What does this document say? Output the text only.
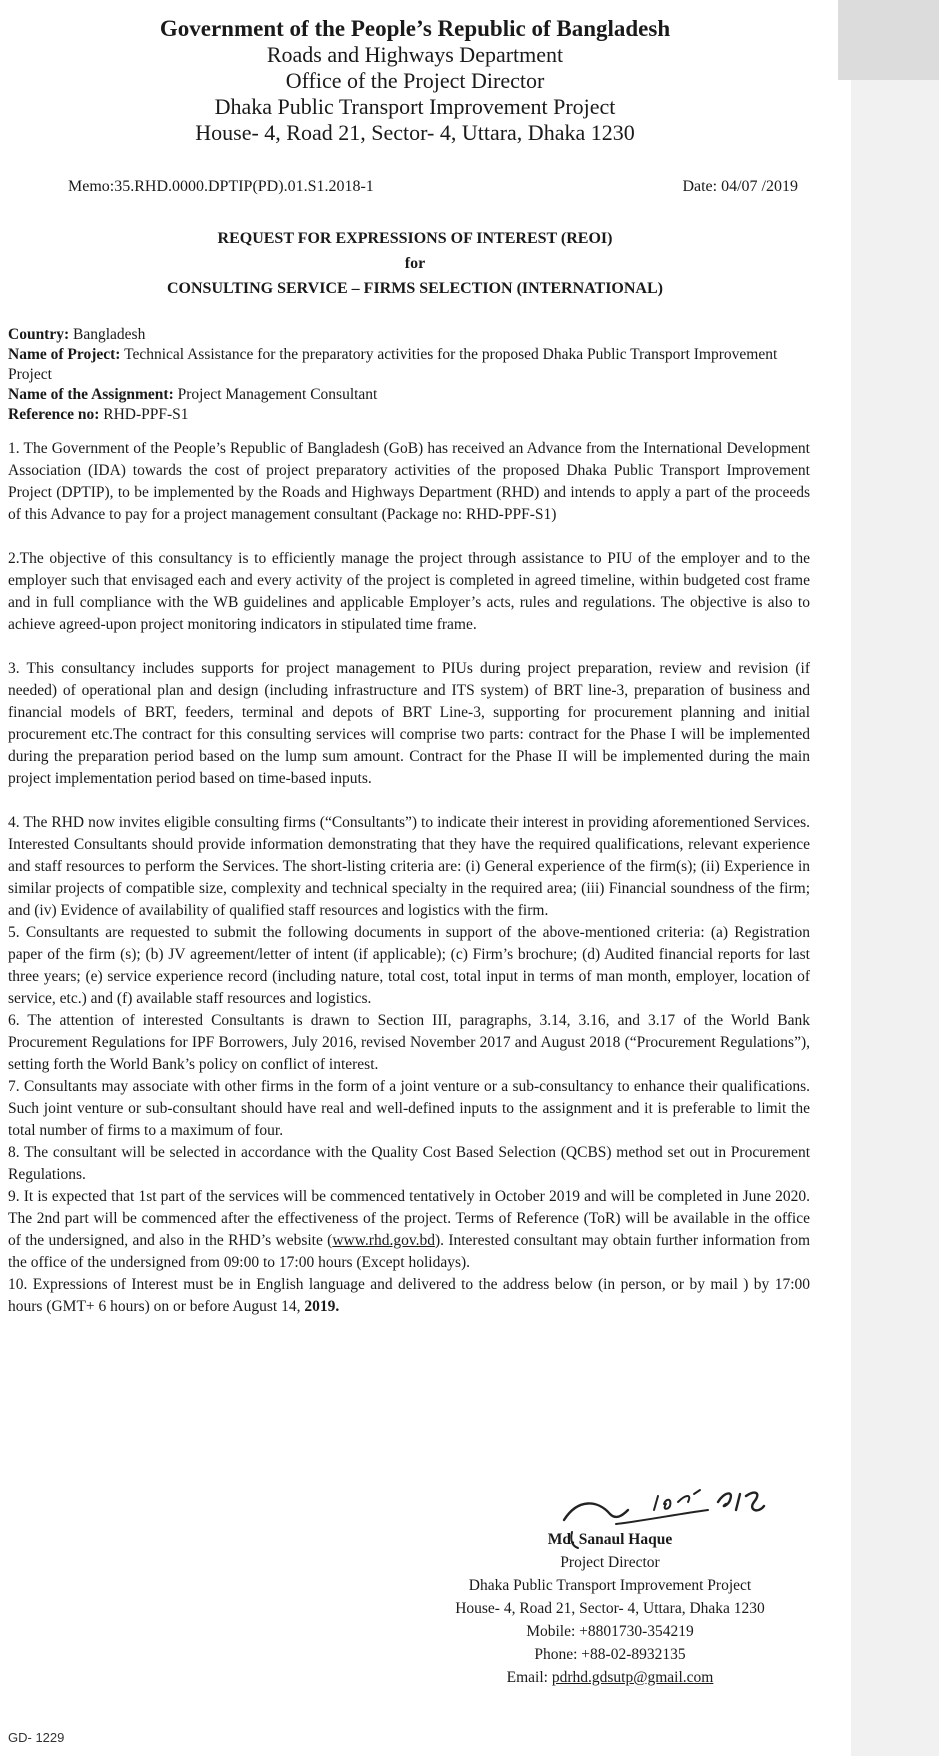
Government of the People’s Republic of Bangladesh

Roads and Highways Department

Office of the Project Director

Dhaka Public Transport Improvement Project

House- 4, Road 21, Sector- 4, Uttara, Dhaka 1230

Memo:35.RHD.0000.DPTIP(PD).01.S1.2018-1	Date: 04/07 /2019
REQUEST FOR EXPRESSIONS OF INTEREST (REOI)
for
CONSULTING SERVICE – FIRMS SELECTION (INTERNATIONAL)

Country: Bangladesh

Name of Project: Technical Assistance for the preparatory activities for the proposed Dhaka Public Transport Improvement Project

Name of the Assignment: Project Management Consultant

Reference no: RHD-PPF-S1

1. The Government of the People’s Republic of Bangladesh (GoB) has received an Advance from the International Development Association (IDA) towards the cost of project preparatory activities of the proposed Dhaka Public Transport Improvement Project (DPTIP), to be implemented by the Roads and Highways Department (RHD) and intends to apply a part of the proceeds of this Advance to pay for a project management consultant (Package no: RHD-PPF-S1)

2.The objective of this consultancy is to efficiently manage the project through assistance to PIU of the employer and to the employer such that envisaged each and every activity of the project is completed in agreed timeline, within budgeted cost frame and in full compliance with the WB guidelines and applicable Employer’s acts, rules and regulations. The objective is also to achieve agreed-upon project monitoring indicators in stipulated time frame.

3. This consultancy includes supports for project management to PIUs during project preparation, review and revision (if needed) of operational plan and design (including infrastructure and ITS system) of BRT line-3, preparation of business and financial models of BRT, feeders, terminal and depots of BRT Line-3, supporting for procurement planning and initial procurement etc.The contract for this consulting services will comprise two parts: contract for the Phase I will be implemented during the preparation period based on the lump sum amount. Contract for the Phase II will be implemented during the main project implementation period based on time-based inputs.

4. The RHD now invites eligible consulting firms (“Consultants”) to indicate their interest in providing aforementioned Services. Interested Consultants should provide information demonstrating that they have the required qualifications, relevant experience and staff resources to perform the Services. The short-listing criteria are: (i) General experience of the firm(s); (ii) Experience in similar projects of compatible size, complexity and technical specialty in the required area; (iii) Financial soundness of the firm; and (iv) Evidence of availability of qualified staff resources and logistics with the firm.

5. Consultants are requested to submit the following documents in support of the above-mentioned criteria: (a) Registration paper of the firm (s); (b) JV agreement/letter of intent (if applicable); (c) Firm’s brochure; (d) Audited financial reports for last three years; (e) service experience record (including nature, total cost, total input in terms of man month, employer, location of service, etc.) and (f) available staff resources and logistics.

6. The attention of interested Consultants is drawn to Section III, paragraphs, 3.14, 3.16, and 3.17 of the World Bank Procurement Regulations for IPF Borrowers, July 2016, revised November 2017 and August 2018 (“Procurement Regulations”), setting forth the World Bank’s policy on conflict of interest.

7. Consultants may associate with other firms in the form of a joint venture or a sub-consultancy to enhance their qualifications. Such joint venture or sub-consultant should have real and well-defined inputs to the assignment and it is preferable to limit the total number of firms to a maximum of four.

8. The consultant will be selected in accordance with the Quality Cost Based Selection (QCBS) method set out in Procurement Regulations.

9. It is expected that 1st part of the services will be commenced tentatively in October 2019 and will be completed in June 2020. The 2nd part will be commenced after the effectiveness of the project. Terms of Reference (ToR) will be available in the office of the undersigned, and also in the RHD’s website (www.rhd.gov.bd). Interested consultant may obtain further information from the office of the undersigned from 09:00 to 17:00 hours (Except holidays).

10. Expressions of Interest must be in English language and delivered to the address below (in person, or by mail ) by 17:00 hours (GMT+ 6 hours) on or before August 14, 2019.

Md. Sanaul Haque
Project Director
Dhaka Public Transport Improvement Project
House- 4, Road 21, Sector- 4, Uttara, Dhaka 1230
Mobile: +8801730-354219
Phone: +88-02-8932135
Email: pdrhd.gdsutp@gmail.com
GD- 1229
